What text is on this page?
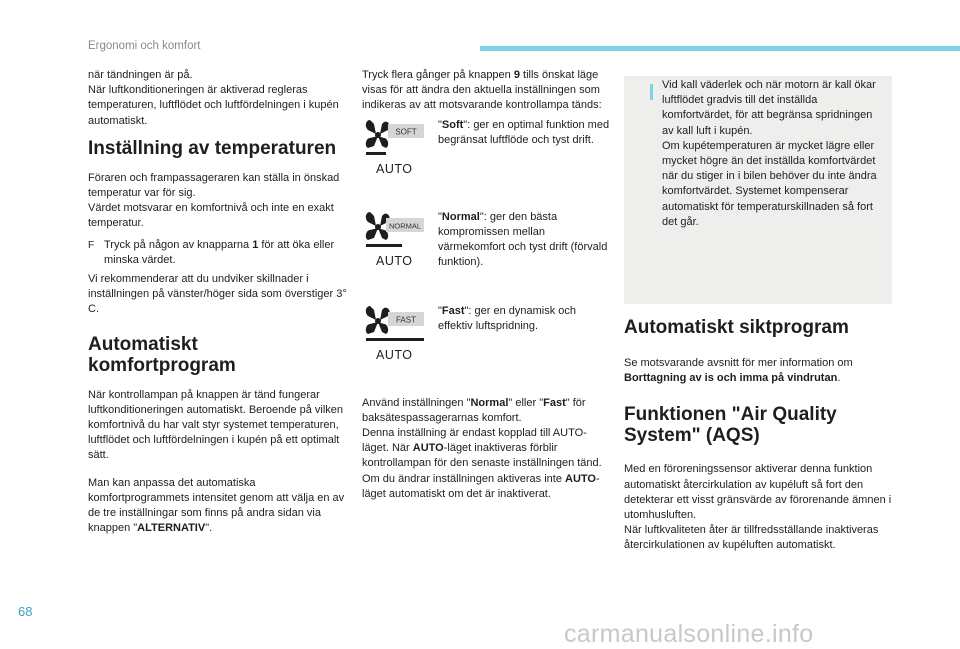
Ergonomi och komfort

när tändningen är på.

När luftkonditioneringen är aktiverad regleras temperaturen, luftflödet och luftfördelningen i kupén automatiskt.

Inställning av temperaturen

Föraren och frampassageraren kan ställa in önskad temperatur var för sig.

Värdet motsvarar en komfortnivå och inte en exakt temperatur.

F Tryck på någon av knapparna 1 för att öka eller minska värdet.

Vi rekommenderar att du undviker skillnader i inställningen på vänster/höger sida som överstiger 3° C.

Automatiskt
komfortprogram

När kontrollampan på knappen är tänd fungerar luftkonditioneringen automatiskt. Beroende på vilken komfortnivå du har valt styr systemet temperaturen, luftflödet och luftfördelningen i kupén på ett optimalt sätt.

Man kan anpassa det automatiska komfortprogrammets intensitet genom att välja en av de tre inställningar som finns på andra sidan via knappen "ALTERNATIV".

Tryck flera gånger på knappen 9 tills önskat läge visas för att ändra den aktuella inställningen som indikeras av att motsvarande kontrollampa tänds:

SOFT
AUTO
"Soft": ger en optimal funktion med begränsat luftflöde och tyst drift.
NORMAL
AUTO
"Normal": ger den bästa kompromissen mellan värmekomfort och tyst drift (förvald funktion).
FAST
AUTO
"Fast": ger en dynamisk och effektiv luftspridning.

Använd inställningen "Normal" eller "Fast" för baksätespassagerarnas komfort.

Denna inställning är endast kopplad till AUTO-läget. När AUTO-läget inaktiveras förblir kontrollampan för den senaste inställningen tänd.

Om du ändrar inställningen aktiveras inte AUTO-läget automatiskt om det är inaktiverat.

Vid kall väderlek och när motorn är kall ökar luftflödet gradvis till det inställda komfortvärdet, för att begränsa spridningen av kall luft i kupén.
Om kupétemperaturen är mycket lägre eller mycket högre än det inställda komfortvärdet när du stiger in i bilen behöver du inte ändra komfortvärdet. Systemet kompenserar automatiskt för temperaturskillnaden så fort det går.
Automatiskt siktprogram

Se motsvarande avsnitt för mer information om Borttagning av is och imma på vindrutan.

Funktionen "Air Quality
System" (AQS)

Med en föroreningssensor aktiverar denna funktion automatiskt återcirkulation av kupéluft så fort den detekterar ett visst gränsvärde av förorenande ämnen i utomhusluften.

När luftkvaliteten åter är tillfredsställande inaktiveras återcirkulationen av kupéluften automatiskt.

68
carmanualsonline.info
